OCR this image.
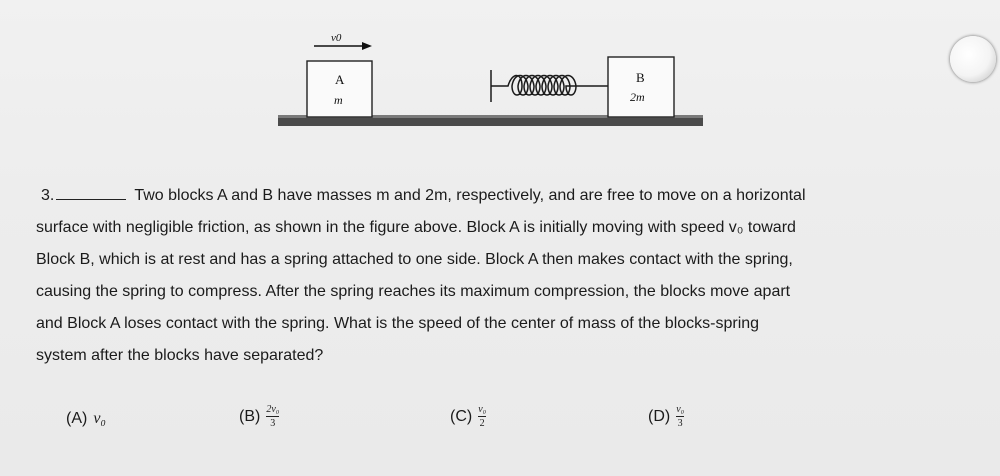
v0
A
m
B
2m
3.	Two blocks A and B have masses m and 2m, respectively, and are free to move on a horizontal
surface with negligible friction, as shown in the figure above. Block A is initially moving with speed v₀ toward
Block B, which is at rest and has a spring attached to one side. Block A then makes contact with the spring,
causing the spring to compress. After the spring reaches its maximum compression, the blocks move apart
and Block A loses contact with the spring. What is the speed of the center of mass of the blocks-spring
system after the blocks have separated?
(A) v₀	$(B) \frac{\text{2v₀}}{3}$	$(C) \frac{\text{v₀}}{2}$	$(D) \frac{\text{v₀}}{3}$
